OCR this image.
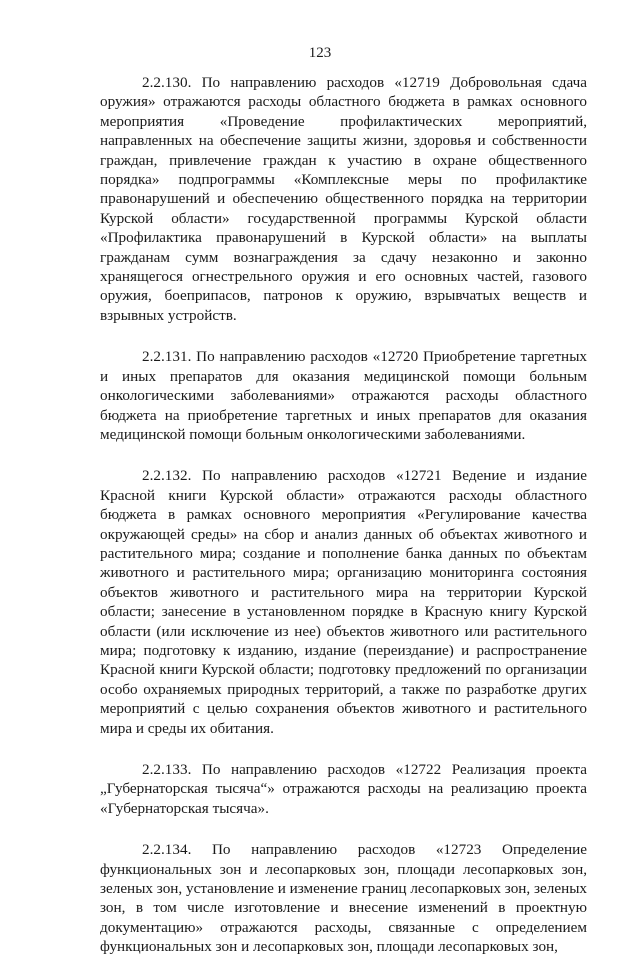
123

2.2.130. По направлению расходов «12719 Добровольная сдача оружия» отражаются расходы областного бюджета в рамках основного мероприятия «Проведение профилактических мероприятий, направленных на обеспечение защиты жизни, здоровья и собственности граждан, привлечение граждан к участию в охране общественного порядка» подпрограммы «Комплексные меры по профилактике правонарушений и обеспечению общественного порядка на территории Курской области» государственной программы Курской области «Профилактика правонарушений в Курской области» на выплаты гражданам сумм вознаграждения за сдачу незаконно и законно хранящегося огнестрельного оружия и его основных частей, газового оружия, боеприпасов, патронов к оружию, взрывчатых веществ и взрывных устройств.

2.2.131. По направлению расходов «12720 Приобретение таргетных и иных препаратов для оказания медицинской помощи больным онкологическими заболеваниями» отражаются расходы областного бюджета на приобретение таргетных и иных препаратов для оказания медицинской помощи больным онкологическими заболеваниями.

2.2.132. По направлению расходов «12721 Ведение и издание Красной книги Курской области» отражаются расходы областного бюджета в рамках основного мероприятия «Регулирование качества окружающей среды» на сбор и анализ данных об объектах животного и растительного мира; создание и пополнение банка данных по объектам животного и растительного мира; организацию мониторинга состояния объектов животного и растительного мира на территории Курской области; занесение в установленном порядке в Красную книгу Курской области (или исключение из нее) объектов животного или растительного мира; подготовку к изданию, издание (переиздание) и распространение Красной книги Курской области; подготовку предложений по организации особо охраняемых природных территорий, а также по разработке других мероприятий с целью сохранения объектов животного и растительного мира и среды их обитания.

2.2.133. По направлению расходов «12722 Реализация проекта „Губернаторская тысяча“» отражаются расходы на реализацию проекта «Губернаторская тысяча».

2.2.134. По направлению расходов «12723 Определение функциональных зон и лесопарковых зон, площади лесопарковых зон, зеленых зон, установление и изменение границ лесопарковых зон, зеленых зон, в том числе изготовление и внесение изменений в проектную документацию» отражаются расходы, связанные с определением функциональных зон и лесопарковых зон, площади лесопарковых зон,
